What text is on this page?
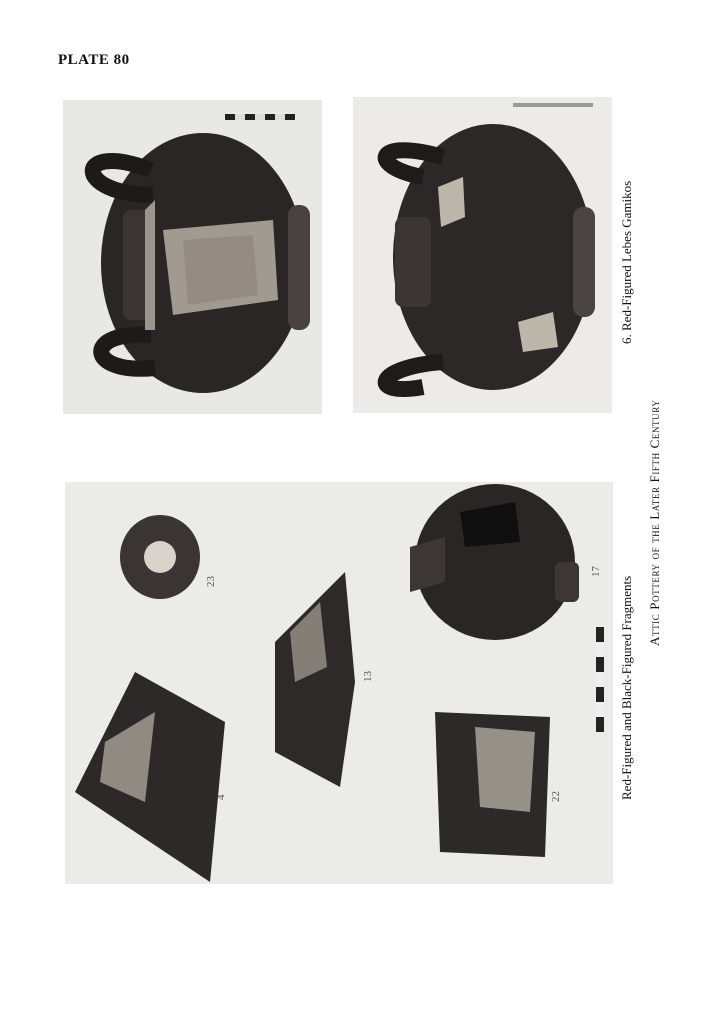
PLATE 80
23
4
13
17
22
6. Red-Figured Lebes Gamikos
Red-Figured and Black-Figured Fragments
Attic Pottery of the Later Fifth Century
